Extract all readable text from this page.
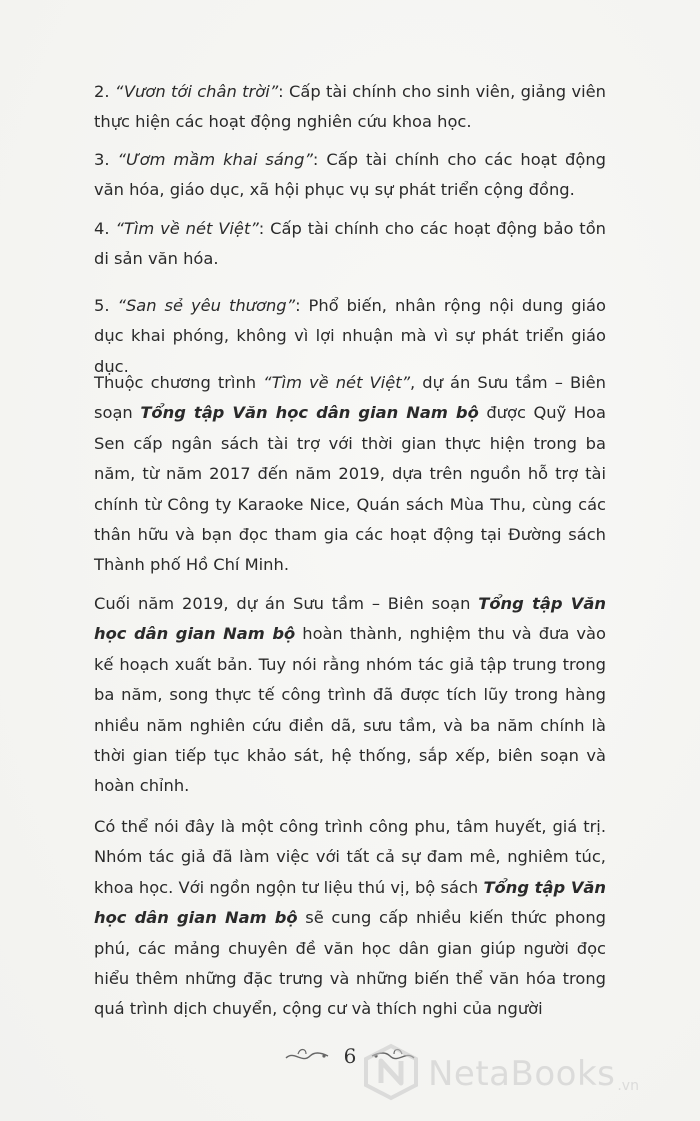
2. “Vươn tới chân trời”: Cấp tài chính cho sinh viên, giảng viên thực hiện các hoạt động nghiên cứu khoa học.

3. “Ươm mầm khai sáng”: Cấp tài chính cho các hoạt động văn hóa, giáo dục, xã hội phục vụ sự phát triển cộng đồng.

4. “Tìm về nét Việt”: Cấp tài chính cho các hoạt động bảo tồn di sản văn hóa.

5. “San sẻ yêu thương”: Phổ biến, nhân rộng nội dung giáo dục khai phóng, không vì lợi nhuận mà vì sự phát triển giáo dục.

Thuộc chương trình “Tìm về nét Việt”, dự án Sưu tầm – Biên soạn Tổng tập Văn học dân gian Nam bộ được Quỹ Hoa Sen cấp ngân sách tài trợ với thời gian thực hiện trong ba năm, từ năm 2017 đến năm 2019, dựa trên nguồn hỗ trợ tài chính từ Công ty Karaoke Nice, Quán sách Mùa Thu, cùng các thân hữu và bạn đọc tham gia các hoạt động tại Đường sách Thành phố Hồ Chí Minh.

Cuối năm 2019, dự án Sưu tầm – Biên soạn Tổng tập Văn học dân gian Nam bộ hoàn thành, nghiệm thu và đưa vào kế hoạch xuất bản. Tuy nói rằng nhóm tác giả tập trung trong ba năm, song thực tế công trình đã được tích lũy trong hàng nhiều năm nghiên cứu điền dã, sưu tầm, và ba năm chính là thời gian tiếp tục khảo sát, hệ thống, sắp xếp, biên soạn và hoàn chỉnh.

Có thể nói đây là một công trình công phu, tâm huyết, giá trị. Nhóm tác giả đã làm việc với tất cả sự đam mê, nghiêm túc, khoa học. Với ngồn ngộn tư liệu thú vị, bộ sách Tổng tập Văn học dân gian Nam bộ sẽ cung cấp nhiều kiến thức phong phú, các mảng chuyên đề văn học dân gian giúp người đọc hiểu thêm những đặc trưng và những biến thể văn hóa trong quá trình dịch chuyển, cộng cư và thích nghi của người

6 NetaBooks .vn
